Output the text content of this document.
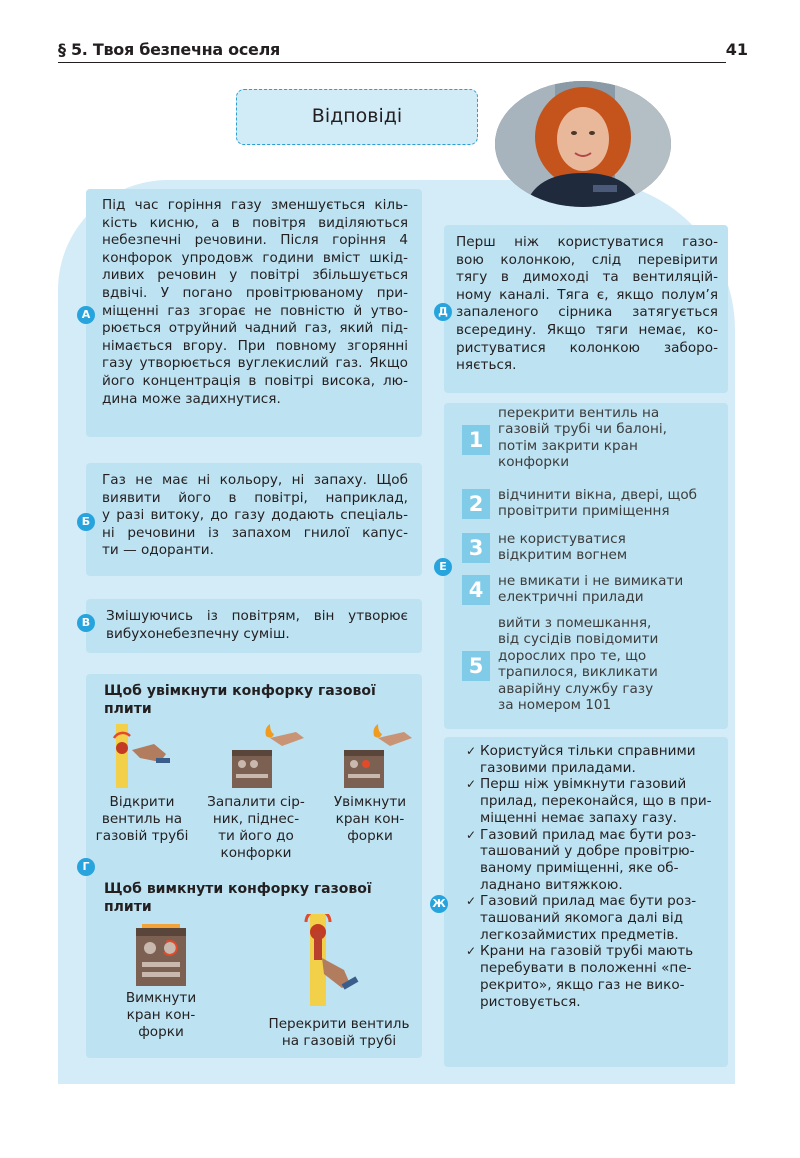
§ 5. Твоя безпечна оселя	41
Відповіді

Під час горіння газу зменшується кіль-
кість кисню, а в повітря виділяються
небезпечні речовини. Після горіння 4
конфорок упродовж години вміст шкід-
ливих речовин у повітрі збільшується
вдвічі. У погано провітрюваному при-
міщенні газ згорає не повністю й утво-
рюється отруйний чадний газ, який під-
німається вгору. При повному згорянні
газу утворюється вуглекислий газ. Якщо
його концентрація в повітрі висока, лю-
дина може задихнутися.

А

Газ не має ні кольору, ні запаху. Щоб
виявити його в повітрі, наприклад,
у разі витоку, до газу додають спеціаль-
ні речовини із запахом гнилої капус-
ти — одоранти.

Б

Змішуючись із повітрям, він утворює
вибухонебезпечну суміш.

В
Щоб увімкнути конфорку газової
плити
Відкрити
вентиль на
газовій трубі
Запалити сір-
ник, піднес-
ти його до
конфорки
Увімкнути
кран кон-
форки
Щоб вимкнути конфорку газової
плити
Вимкнути
кран кон-
форки	Перекрити вентиль
на газовій трубі
Г

Перш ніж користуватися газо-
вою колонкою, слід перевірити
тягу в димоході та вентиляцій-
ному каналі. Тяга є, якщо полум’я
запаленого сірника затягується
всередину. Якщо тяги немає, ко-
ристуватися колонкою заборо-
няється.

Д
1
перекрити вентиль на
газовій трубі чи балоні,
потім закрити кран
конфорки
2	відчинити вікна, двері, щоб
провітрити приміщення
3	не користуватися
відкритим вогнем
4	не вмикати і не вимикати
електричні прилади
5
вийти з помешкання,
від сусідів повідомити
дорослих про те, що
трапилося, викликати
аварійну службу газу
за номером 101
Е
✓ Користуйся тільки справними
газовими приладами.
✓ Перш ніж увімкнути газовий
прилад, переконайся, що в при-
міщенні немає запаху газу.
✓ Газовий прилад має бути роз-
ташований у добре провітрю-
ваному приміщенні, яке об-
ладнано витяжкою.
✓ Газовий прилад має бути роз-
ташований якомога далі від
легкозаймистих предметів.
✓ Крани на газовій трубі мають
перебувати в положенні «пе-
рекрито», якщо газ не вико-
ристовується.
Ж
